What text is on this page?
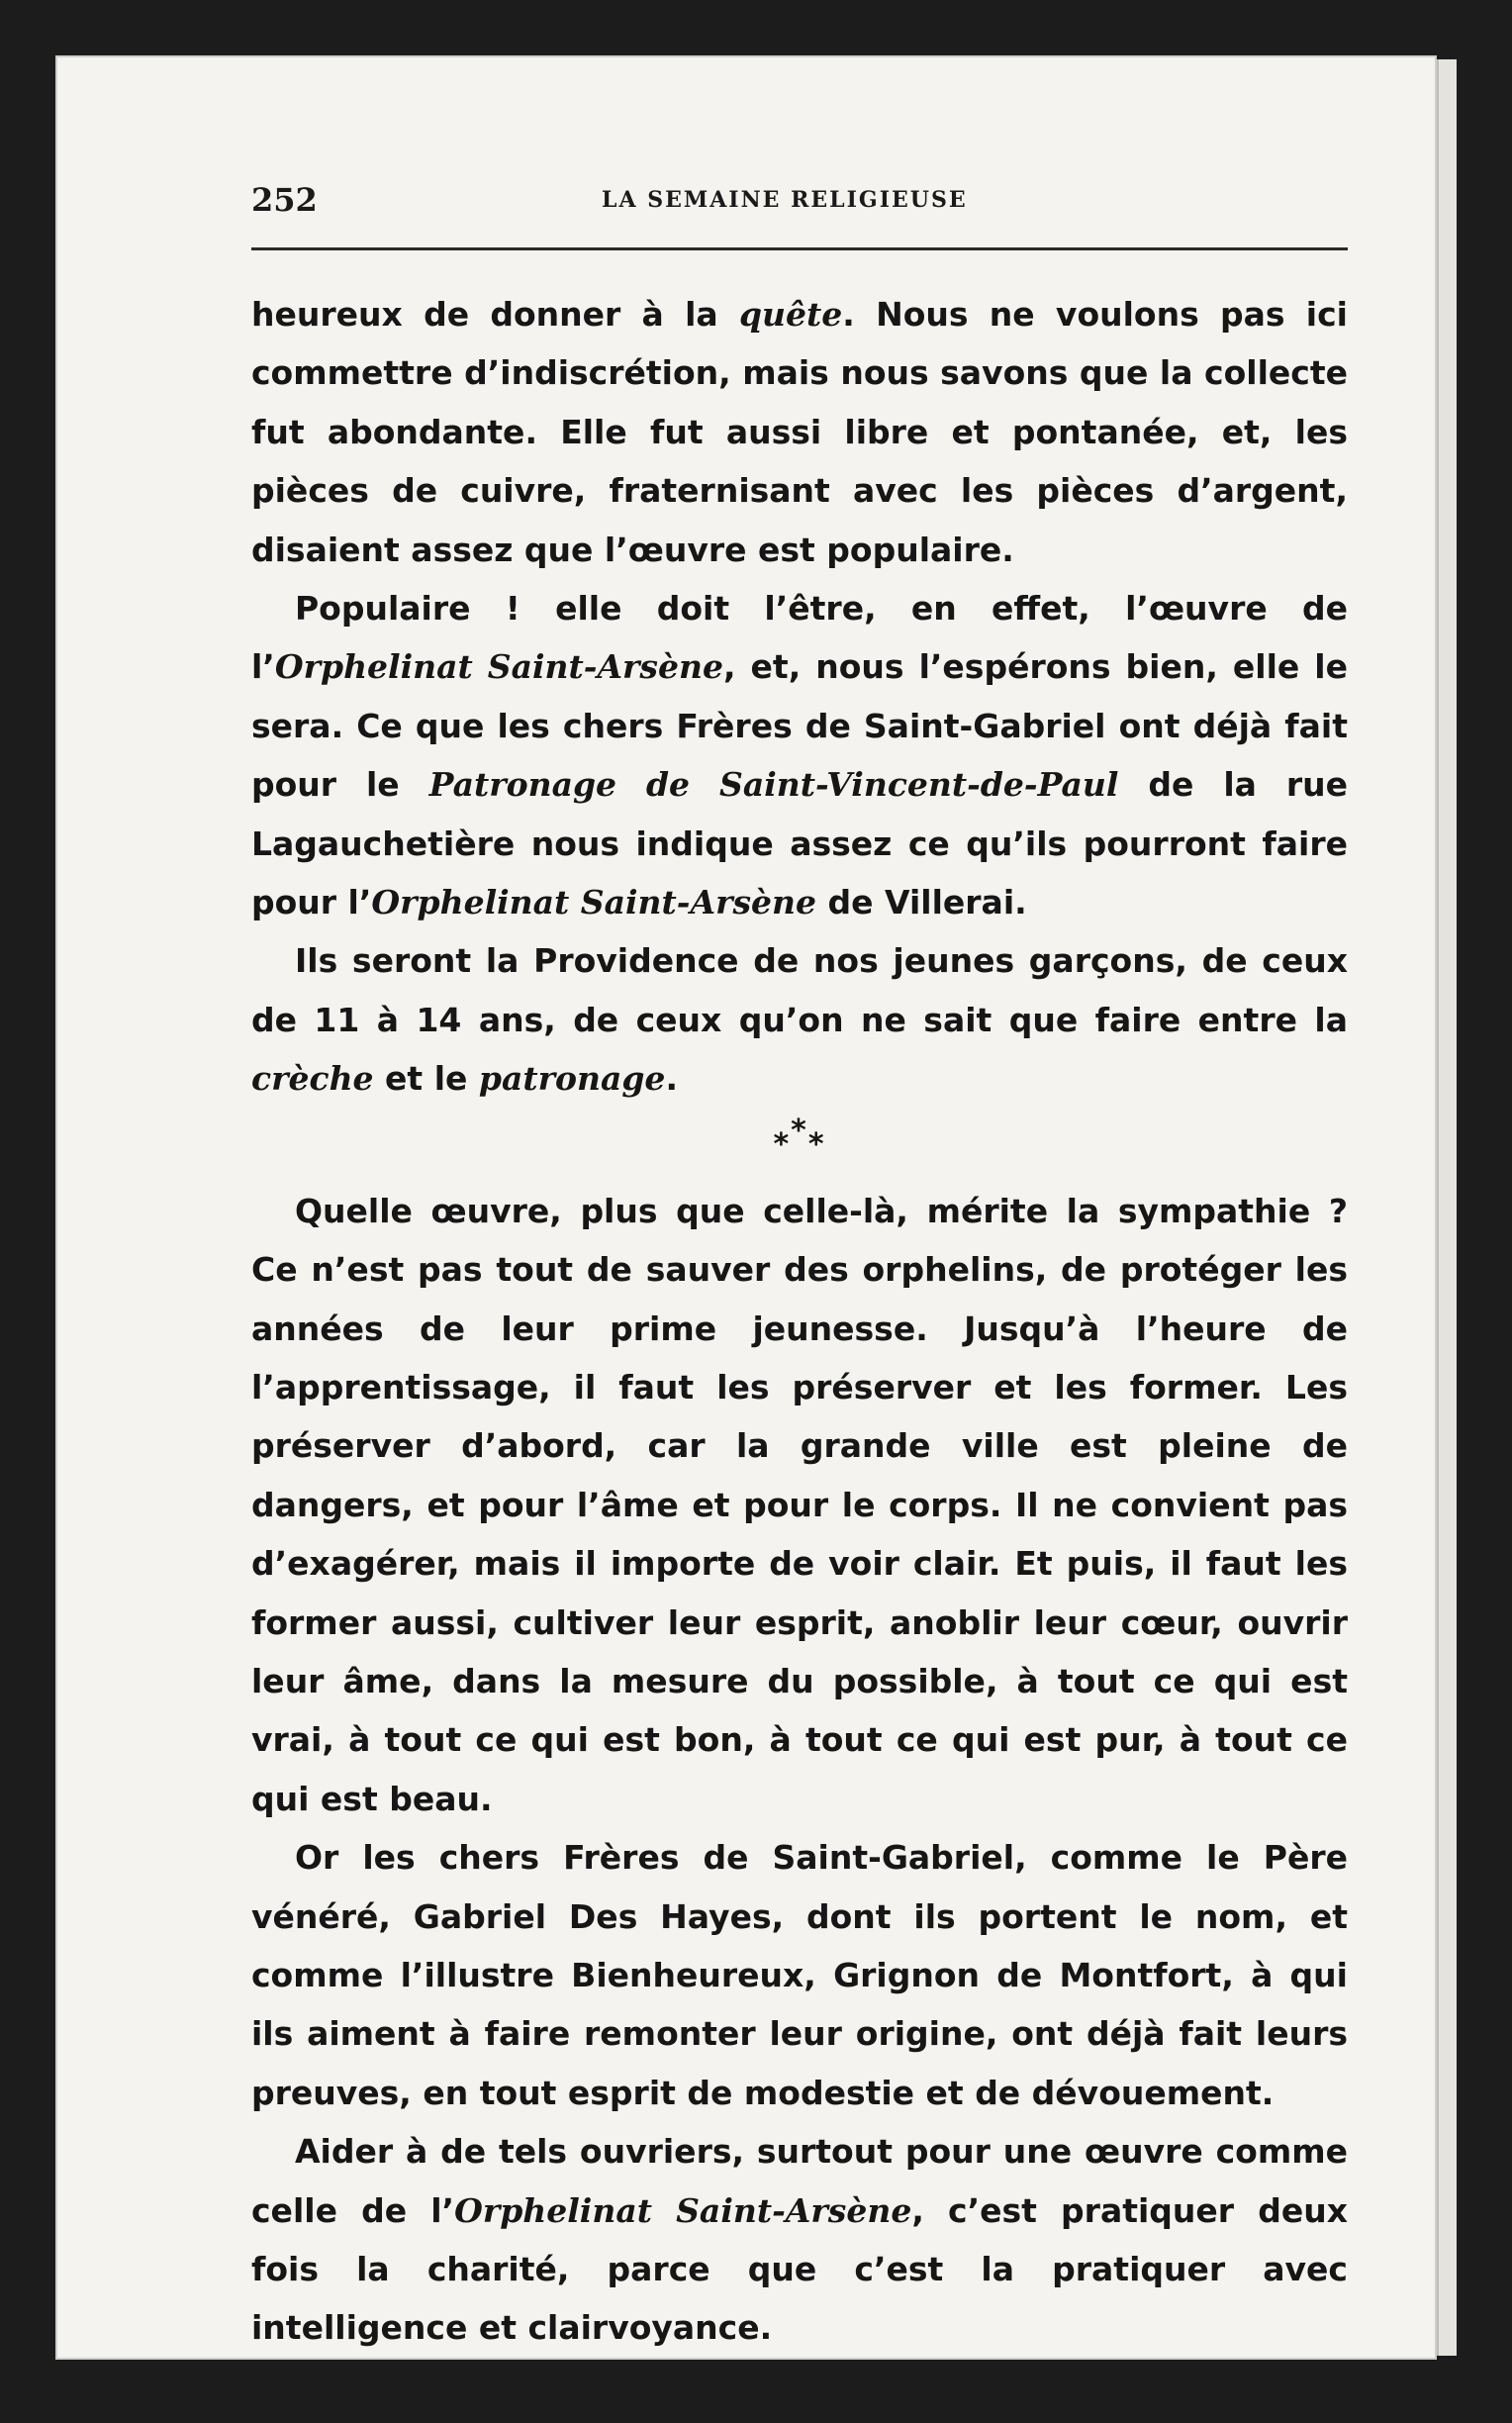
252	LA SEMAINE RELIGIEUSE

heureux de donner à la quête. Nous ne voulons pas ici commettre d’indiscrétion, mais nous savons que la collecte fut abondante. Elle fut aussi libre et pontanée, et, les pièces de cuivre, fraternisant avec les pièces d’argent, disaient assez que l’œuvre est populaire.

Populaire ! elle doit l’être, en effet, l’œuvre de l’Orphelinat Saint-Arsène, et, nous l’espérons bien, elle le sera. Ce que les chers Frères de Saint-Gabriel ont déjà fait pour le Patronage de Saint-Vincent-de-Paul de la rue Lagauchetière nous indique assez ce qu’ils pourront faire pour l’Orphelinat Saint-Arsène de Villerai.

Ils seront la Providence de nos jeunes garçons, de ceux de 11 à 14 ans, de ceux qu’on ne sait que faire entre la crèche et le patronage.

***

Quelle œuvre, plus que celle-là, mérite la sympathie ? Ce n’est pas tout de sauver des orphelins, de protéger les années de leur prime jeunesse. Jusqu’à l’heure de l’apprentissage, il faut les préserver et les former. Les préserver d’abord, car la grande ville est pleine de dangers, et pour l’âme et pour le corps. Il ne convient pas d’exagérer, mais il importe de voir clair. Et puis, il faut les former aussi, cultiver leur esprit, anoblir leur cœur, ouvrir leur âme, dans la mesure du possible, à tout ce qui est vrai, à tout ce qui est bon, à tout ce qui est pur, à tout ce qui est beau.

Or les chers Frères de Saint-Gabriel, comme le Père vénéré, Gabriel Des Hayes, dont ils portent le nom, et comme l’illustre Bienheureux, Grignon de Montfort, à qui ils aiment à faire remonter leur origine, ont déjà fait leurs preuves, en tout esprit de modestie et de dévouement.

Aider à de tels ouvriers, surtout pour une œuvre comme celle de l’Orphelinat Saint-Arsène, c’est pratiquer deux fois la charité, parce que c’est la pratiquer avec intelligence et clairvoyance.
